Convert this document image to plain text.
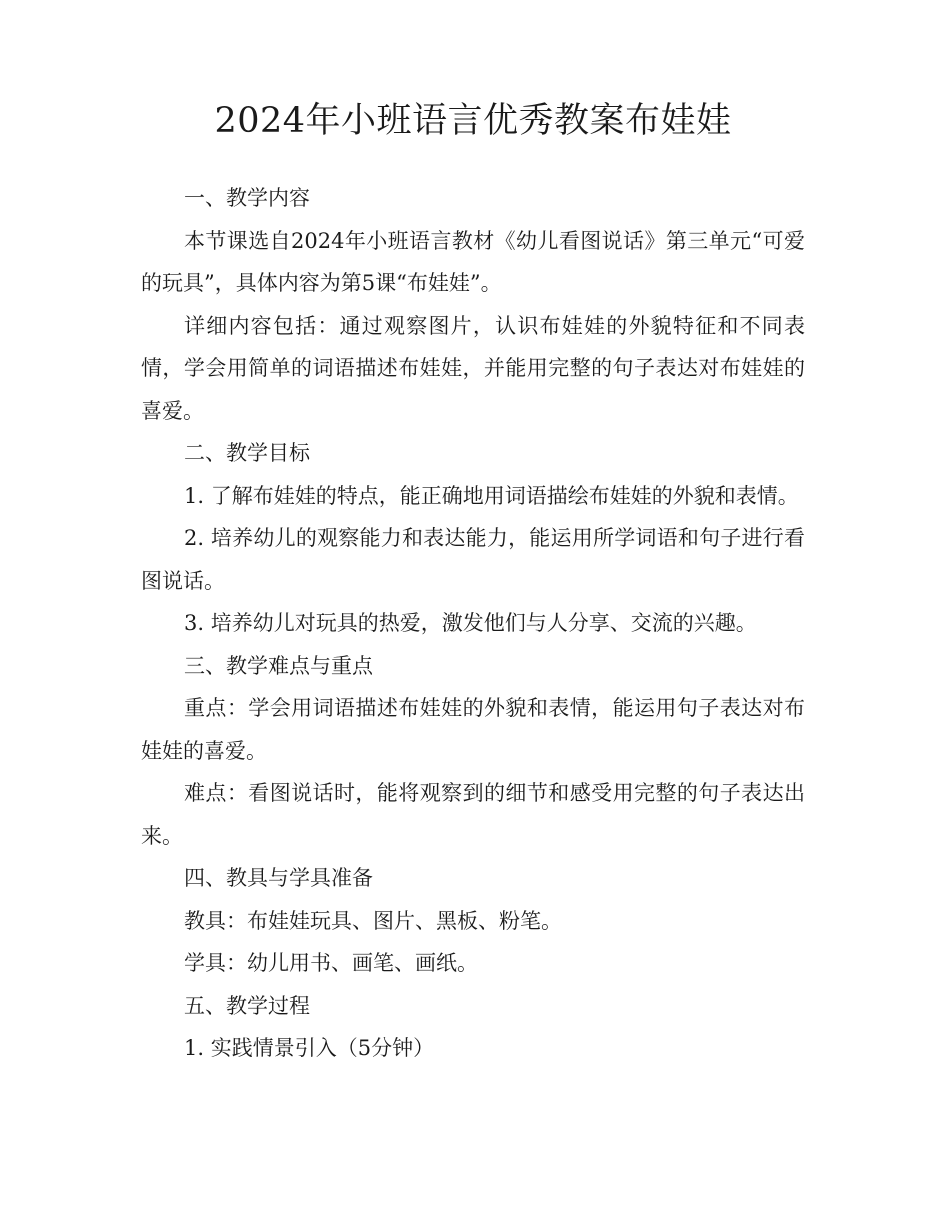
2024年小班语言优秀教案布娃娃

一、教学内容

本节课选自2024年小班语言教材《幼儿看图说话》第三单元“可爱的玩具”，具体内容为第5课“布娃娃”。

详细内容包括：通过观察图片，认识布娃娃的外貌特征和不同表情，学会用简单的词语描述布娃娃，并能用完整的句子表达对布娃娃的喜爱。

二、教学目标

1. 了解布娃娃的特点，能正确地用词语描绘布娃娃的外貌和表情。

2. 培养幼儿的观察能力和表达能力，能运用所学词语和句子进行看图说话。

3. 培养幼儿对玩具的热爱，激发他们与人分享、交流的兴趣。

三、教学难点与重点

重点：学会用词语描述布娃娃的外貌和表情，能运用句子表达对布娃娃的喜爱。

难点：看图说话时，能将观察到的细节和感受用完整的句子表达出来。

四、教具与学具准备

教具：布娃娃玩具、图片、黑板、粉笔。

学具：幼儿用书、画笔、画纸。

五、教学过程

1. 实践情景引入（5分钟）
